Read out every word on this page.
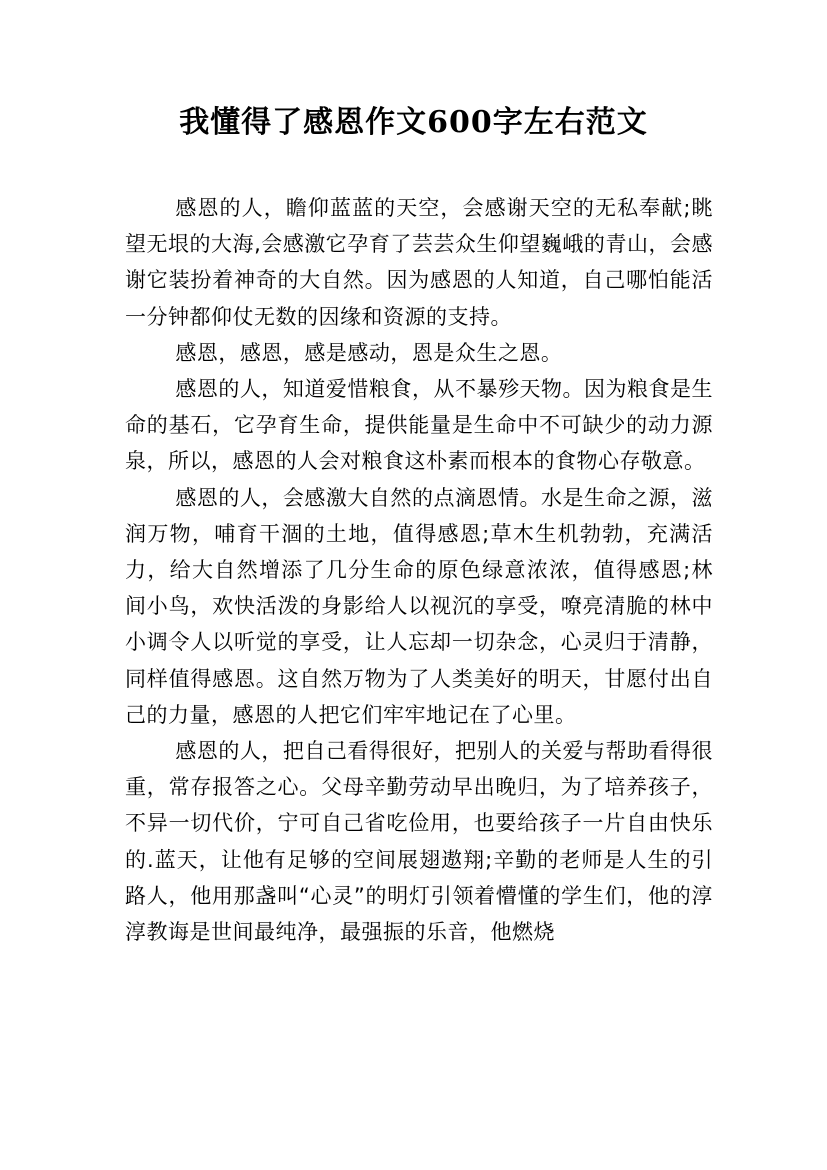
我懂得了感恩作文600字左右范文

感恩的人，瞻仰蓝蓝的天空，会感谢天空的无私奉献;眺望无垠的大海,会感激它孕育了芸芸众生仰望巍峨的青山，会感谢它装扮着神奇的大自然。因为感恩的人知道，自己哪怕能活一分钟都仰仗无数的因缘和资源的支持。

感恩，感恩，感是感动，恩是众生之恩。

感恩的人，知道爱惜粮食，从不暴殄天物。因为粮食是生命的基石，它孕育生命，提供能量是生命中不可缺少的动力源泉，所以，感恩的人会对粮食这朴素而根本的食物心存敬意。

感恩的人，会感激大自然的点滴恩情。水是生命之源，滋润万物，哺育干涸的土地，值得感恩;草木生机勃勃，充满活力，给大自然增添了几分生命的原色绿意浓浓，值得感恩;林间小鸟，欢快活泼的身影给人以视沉的享受，嘹亮清脆的林中小调令人以听觉的享受，让人忘却一切杂念，心灵归于清静，同样值得感恩。这自然万物为了人类美好的明天，甘愿付出自己的力量，感恩的人把它们牢牢地记在了心里。

感恩的人，把自己看得很好，把别人的关爱与帮助看得很重，常存报答之心。父母辛勤劳动早出晚归，为了培养孩子，不异一切代价，宁可自己省吃俭用，也要给孩子一片自由快乐的.蓝天，让他有足够的空间展翅遨翔;辛勤的老师是人生的引路人，他用那盏叫“心灵”的明灯引领着懵懂的学生们，他的淳淳教诲是世间最纯净，最强振的乐音，他燃烧
